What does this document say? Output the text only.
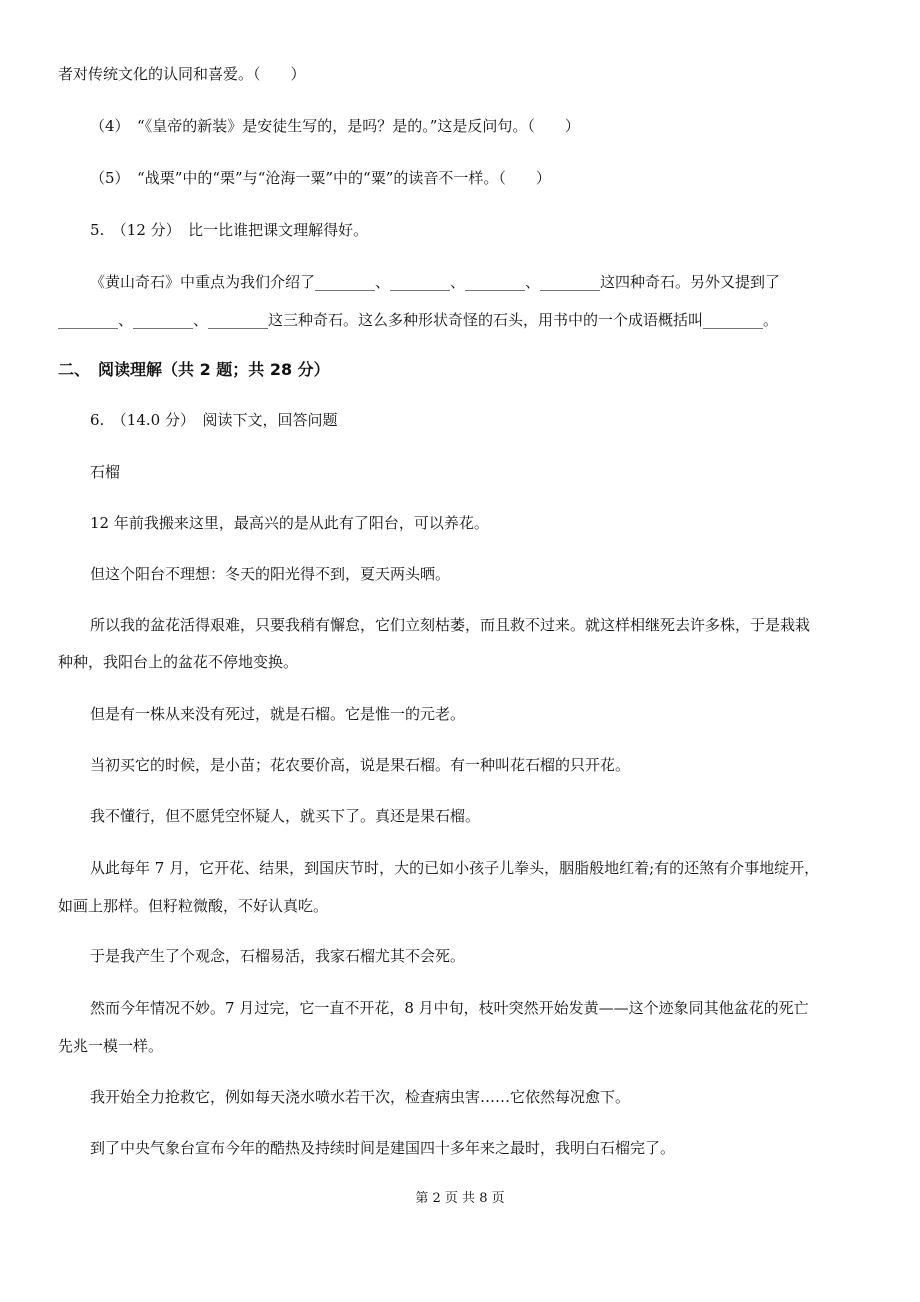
者对传统文化的认同和喜爱。（　　）
（4）　“《皇帝的新装》是安徒生写的，是吗？是的。”这是反问句。（　　）
（5）　“战栗”中的“栗”与“沧海一粟”中的“粟”的读音不一样。（　　）
5.　（12 分）　比一比谁把课文理解得好。
《黄山奇石》中重点为我们介绍了________、________、________、________这四种奇石。另外又提到了
________、________、________这三种奇石。这么多种形状奇怪的石头，用书中的一个成语概括叫________。
二、　阅读理解（共 2 题；共 28 分）
6.　（14.0 分）　阅读下文，回答问题
石榴
12 年前我搬来这里，最高兴的是从此有了阳台，可以养花。
但这个阳台不理想：冬天的阳光得不到，夏天两头晒。
所以我的盆花活得艰难，只要我稍有懈怠，它们立刻枯萎，而且救不过来。就这样相继死去许多株，于是栽栽
种种，我阳台上的盆花不停地变换。
但是有一株从来没有死过，就是石榴。它是惟一的元老。
当初买它的时候，是小苗；花农要价高，说是果石榴。有一种叫花石榴的只开花。
我不懂行，但不愿凭空怀疑人，就买下了。真还是果石榴。
从此每年 7 月，它开花、结果，到国庆节时，大的已如小孩子儿拳头，胭脂般地红着;有的还煞有介事地绽开，
如画上那样。但籽粒微酸，不好认真吃。
于是我产生了个观念，石榴易活，我家石榴尤其不会死。
然而今年情况不妙。7 月过完，它一直不开花，8 月中旬，枝叶突然开始发黄——这个迹象同其他盆花的死亡
先兆一模一样。
我开始全力抢救它，例如每天浇水喷水若干次，检查病虫害……它依然每况愈下。
到了中央气象台宣布今年的酷热及持续时间是建国四十多年来之最时，我明白石榴完了。
第 2 页 共 8 页
